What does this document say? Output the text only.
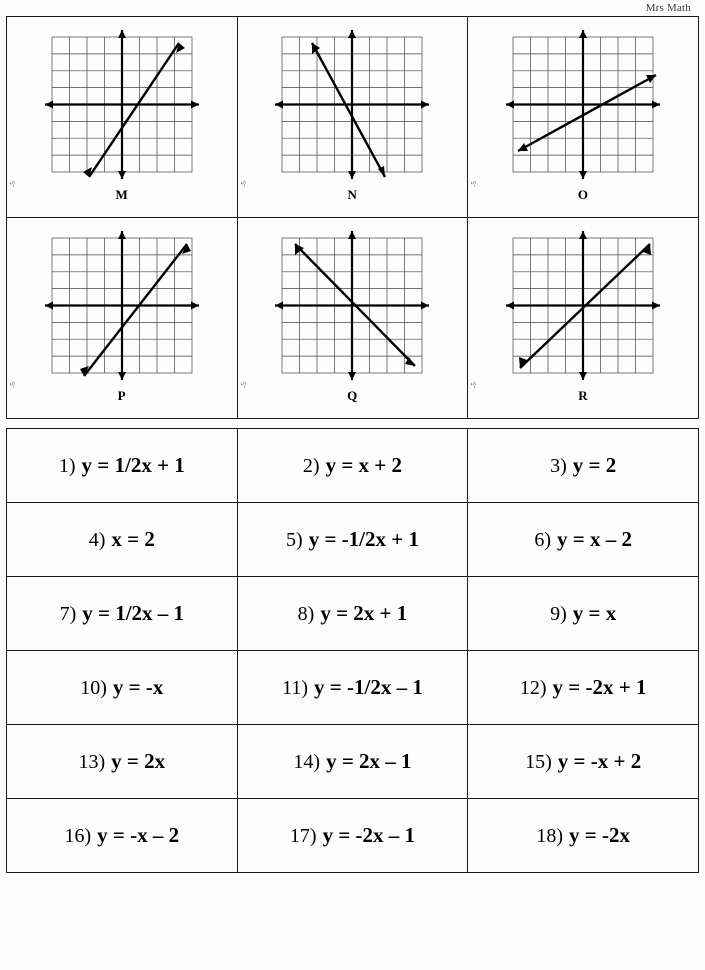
Mrs Math
-5
M	-5
N	-5
O

-5
P	-5
Q	-5
R
1) y = 1/2x + 1	2) y = x + 2	3) y = 2
4) x = 2	5) y = -1/2x + 1	6) y = x – 2
7) y = 1/2x – 1	8) y = 2x + 1	9) y = x
10) y = -x	11) y = -1/2x – 1	12) y = -2x + 1
13) y = 2x	14) y = 2x – 1	15) y = -x + 2
16) y = -x – 2	17) y = -2x – 1	18) y = -2x
